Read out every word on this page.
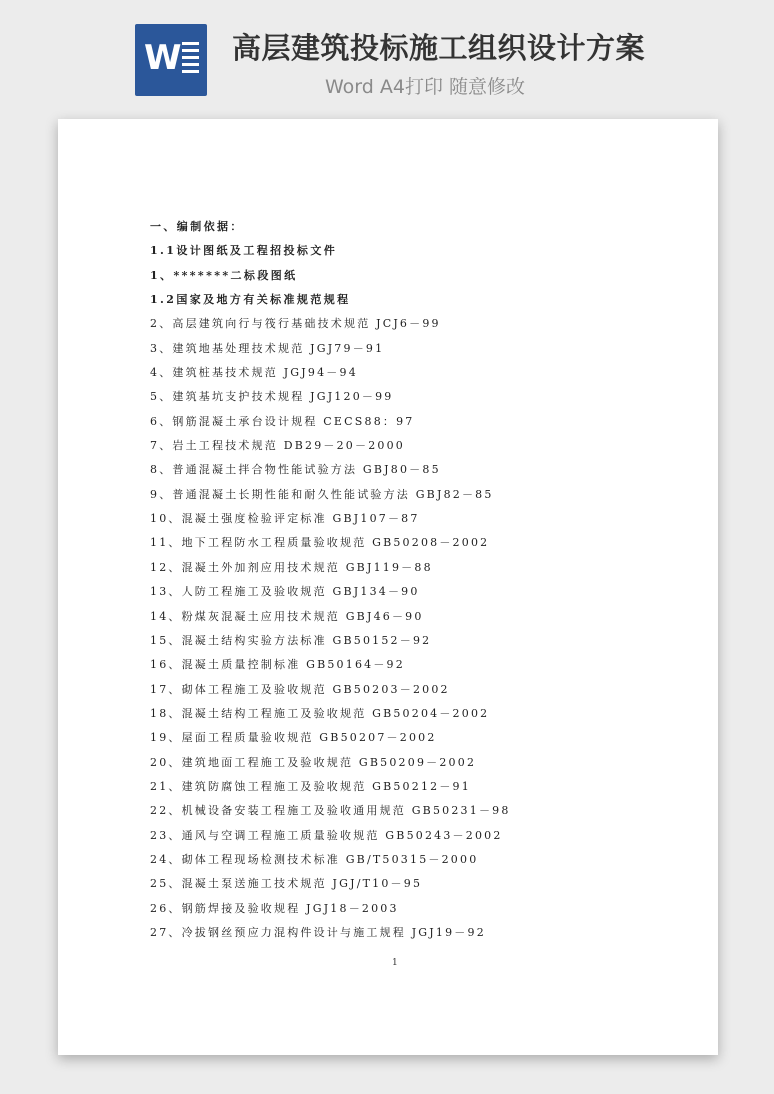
W 高层建筑投标施工组织设计方案
Word A4打印 随意修改
一、编制依据：
1.1设计图纸及工程招投标文件
1、*******二标段图纸
1.2国家及地方有关标准规范规程
2、高层建筑向行与筏行基础技术规范 JCJ6－99
3、建筑地基处理技术规范 JGJ79－91
4、建筑桩基技术规范 JGJ94－94
5、建筑基坑支护技术规程 JGJ120－99
6、钢筋混凝土承台设计规程 CECS88：97
7、岩土工程技术规范 DB29－20－2000
8、普通混凝土拌合物性能试验方法 GBJ80－85
9、普通混凝土长期性能和耐久性能试验方法 GBJ82－85
10、混凝土强度检验评定标准 GBJ107－87
11、地下工程防水工程质量验收规范 GB50208－2002
12、混凝土外加剂应用技术规范 GBJ119－88
13、人防工程施工及验收规范 GBJ134－90
14、粉煤灰混凝土应用技术规范 GBJ46－90
15、混凝土结构实验方法标准 GB50152－92
16、混凝土质量控制标准 GB50164－92
17、砌体工程施工及验收规范 GB50203－2002
18、混凝土结构工程施工及验收规范 GB50204－2002
19、屋面工程质量验收规范 GB50207－2002
20、建筑地面工程施工及验收规范 GB50209－2002
21、建筑防腐蚀工程施工及验收规范 GB50212－91
22、机械设备安装工程施工及验收通用规范 GB50231－98
23、通风与空调工程施工质量验收规范 GB50243－2002
24、砌体工程现场检测技术标准 GB/T50315－2000
25、混凝土泵送施工技术规范 JGJ/T10－95
26、钢筋焊接及验收规程 JGJ18－2003
27、冷拔钢丝预应力混构件设计与施工规程 JGJ19－92
1
